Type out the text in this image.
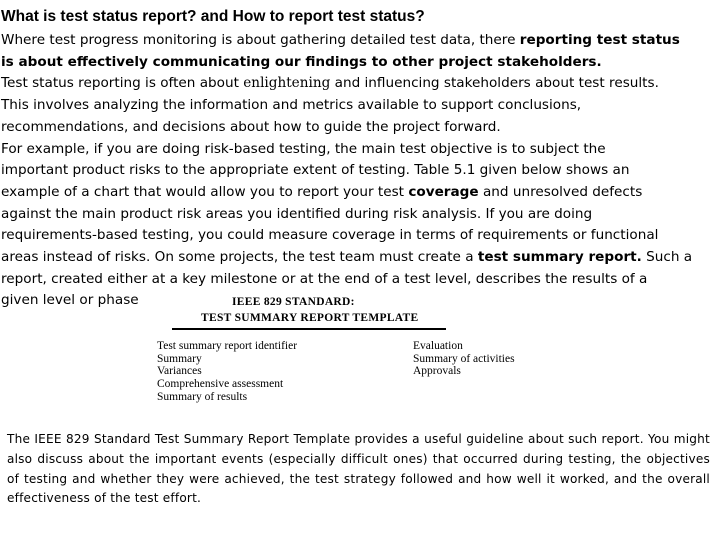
What is test status report? and How to report test status?

Where test progress monitoring is about gathering detailed test data, there reporting test status

is about effectively communicating our findings to other project stakeholders.

Test status reporting is often about enlightening and influencing stakeholders about test results.

This involves analyzing the information and metrics available to support conclusions,

recommendations, and decisions about how to guide the project forward.

For example, if you are doing risk-based testing, the main test objective is to subject the

important product risks to the appropriate extent of testing. Table 5.1 given below shows an

example of a chart that would allow you to report your test coverage and unresolved defects

against the main product risk areas you identified during risk analysis. If you are doing

requirements-based testing, you could measure coverage in terms of requirements or functional

areas instead of risks. On some projects, the test team must create a test summary report. Such a

report, created either at a key milestone or at the end of a test level, describes the results of a

given level or phase	IEEE 829 STANDARD:
TEST SUMMARY REPORT TEMPLATE
Test summary report identifier
Summary
Variances
Comprehensive assessment
Summary of results
Evaluation
Summary of activities
Approvals
The IEEE 829 Standard Test Summary Report Template provides a useful guideline about such report. You might also discuss about the important events (especially difficult ones) that occurred during testing, the objectives of testing and whether they were achieved, the test strategy followed and how well it worked, and the overall effectiveness of the test effort.
